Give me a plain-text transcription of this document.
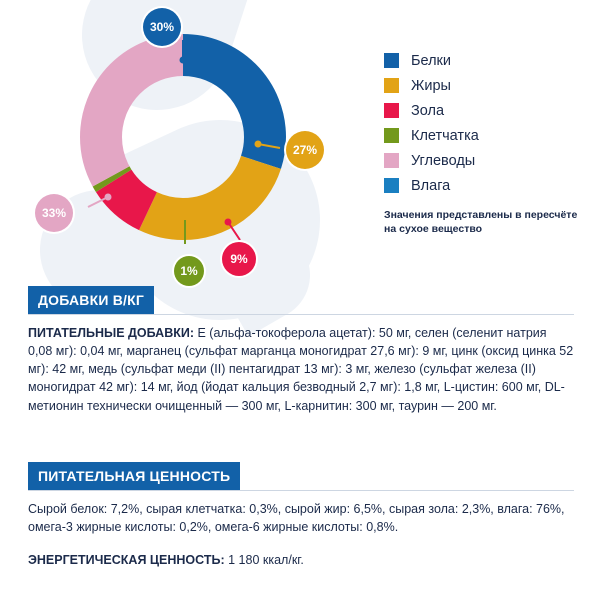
30%
27%
9%
1%
33%
Белки
Жиры
Зола
Клетчатка
Углеводы
Влага
Значения представлены в пересчёте на сухое вещество
ДОБАВКИ В/КГ
ПИТАТЕЛЬНЫЕ ДОБАВКИ: E (альфа-токоферола ацетат): 50 мг, селен (селенит натрия 0,08 мг): 0,04 мг, марганец (сульфат марганца моногидрат 27,6 мг): 9 мг, цинк (оксид цинка 52 мг): 42 мг, медь (сульфат меди (II) пентагидрат 13 мг): 3 мг, железо (сульфат железа (II) моногидрат 42 мг): 14 мг, йод (йодат кальция безводный 2,7 мг): 1,8 мг, L-цистин: 600 мг, DL-метионин технически очищенный — 300 мг, L-карнитин: 300 мг, таурин — 200 мг.
ПИТАТЕЛЬНАЯ ЦЕННОСТЬ
Сырой белок: 7,2%, сырая клетчатка: 0,3%, сырой жир: 6,5%, сырая зола: 2,3%, влага: 76%, омега-3 жирные кислоты: 0,2%, омега-6 жирные кислоты: 0,8%.
ЭНЕРГЕТИЧЕСКАЯ ЦЕННОСТЬ: 1 180 ккал/кг.
